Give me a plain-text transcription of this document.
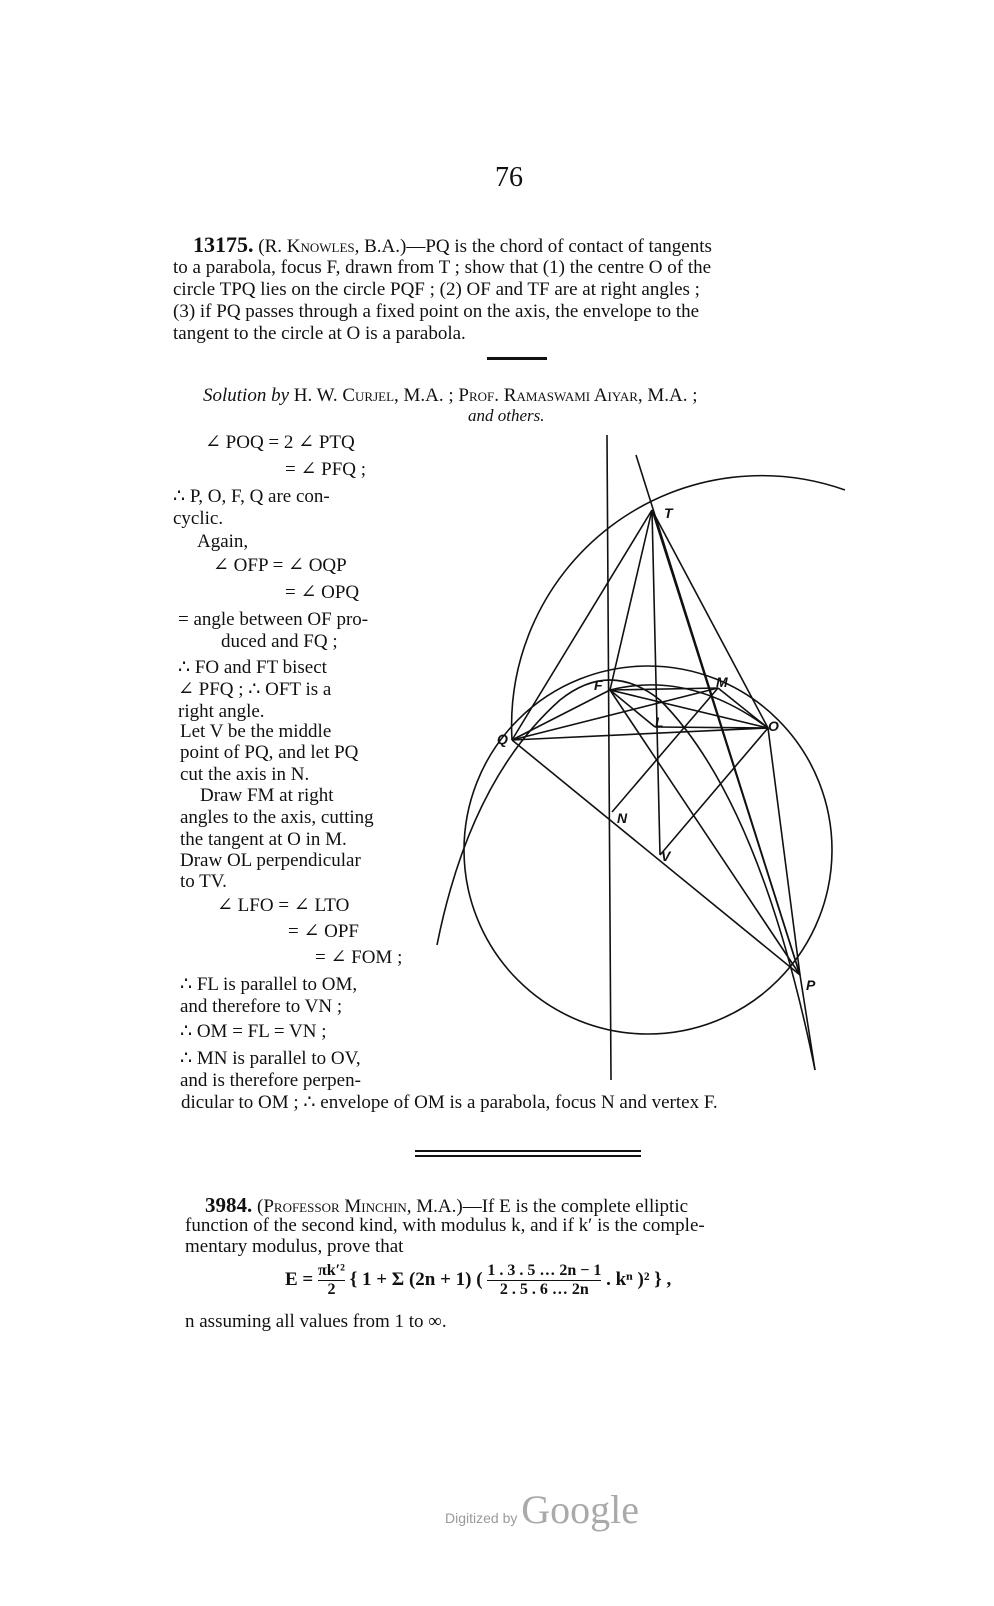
76
13175. (R. Knowles, B.A.)—PQ is the chord of contact of tangents
to a parabola, focus F, drawn from T ; show that (1) the centre O of the
circle TPQ lies on the circle PQF ; (2) OF and TF are at right angles ;
(3) if PQ passes through a fixed point on the axis, the envelope to the
tangent to the circle at O is a parabola.
Solution by H. W. Curjel, M.A. ; Prof. Ramaswami Aiyar, M.A. ;
and others.
∠ POQ = 2 ∠ PTQ
= ∠ PFQ ;
∴ P, O, F, Q are con-
cyclic.
Again,
∠ OFP = ∠ OQP
= ∠ OPQ
= angle between OF pro-
duced and FQ ;
∴ FO and FT bisect
∠ PFQ ; ∴ OFT is a
right angle.
Let V be the middle
point of PQ, and let PQ
cut the axis in N.
Draw FM at right
angles to the axis, cutting
the tangent at O in M.
Draw OL perpendicular
to TV.
∠ LFO = ∠ LTO
= ∠ OPF
= ∠ FOM ;
∴ FL is parallel to OM,
and therefore to VN ;
∴ OM = FL = VN ;
∴ MN is parallel to OV,
and is therefore perpen-
dicular to OM ; ∴ envelope of OM is a parabola, focus N and vertex F.
T
F	M
L	O
Q
N
V
P
3984. (Professor Minchin, M.A.)—If E is the complete elliptic
function of the second kind, with modulus k, and if k′ is the comple-
mentary modulus, prove that
$E = \frac{\text{πk′²}}{2}$ { 1 + Σ (2n + 1) ( $\frac{1 . 3 . 5 \dots 2n - 1}{2 . 5 . 6 \dots 2n}$ . kⁿ )² } ,
n assuming all values from 1 to ∞.
Digitized by Google
